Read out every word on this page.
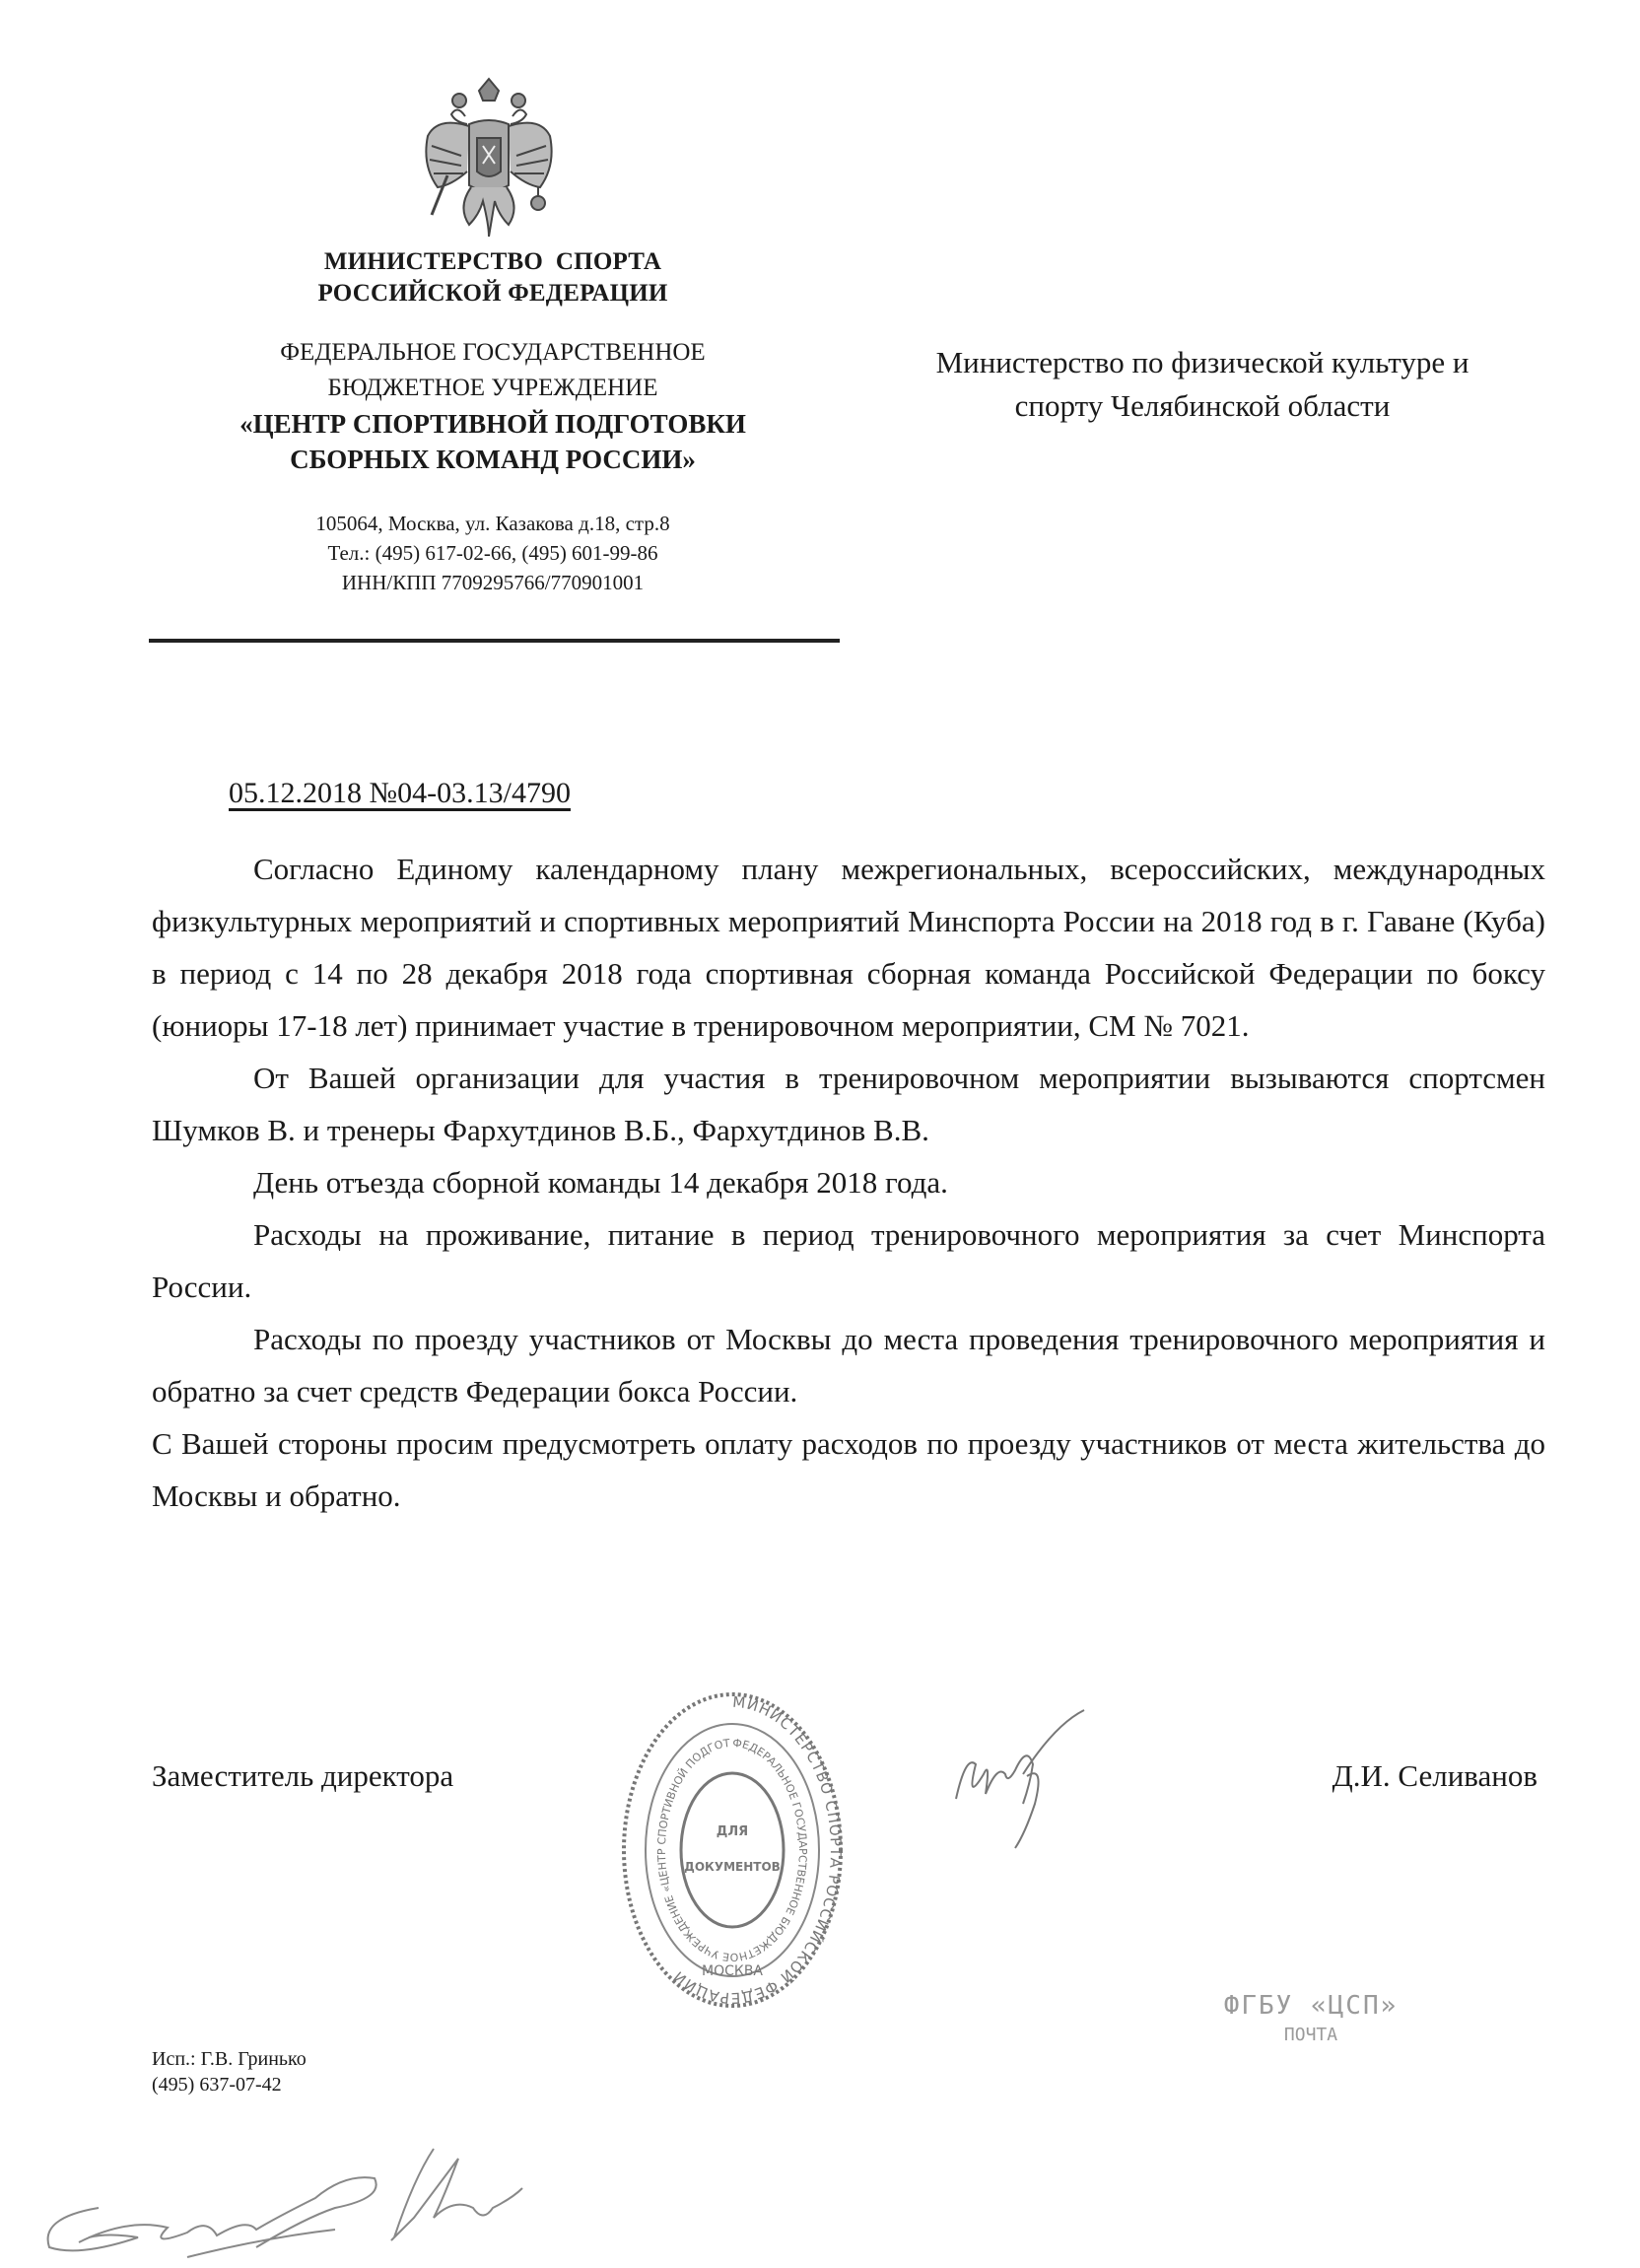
МИНИСТЕРСТВО  СПОРТА
РОССИЙСКОЙ ФЕДЕРАЦИИ
ФЕДЕРАЛЬНОЕ ГОСУДАРСТВЕННОЕ
БЮДЖЕТНОЕ УЧРЕЖДЕНИЕ
«ЦЕНТР СПОРТИВНОЙ ПОДГОТОВКИ
СБОРНЫХ КОМАНД РОССИИ»
105064, Москва, ул. Казакова д.18, стр.8
Тел.: (495) 617-02-66, (495) 601-99-86
ИНН/КПП 7709295766/770901001
Министерство по физической культуре и
спорту Челябинской области
05.12.2018 №04-03.13/4790
Согласно Единому календарному плану межрегиональных, всероссийских, международных физкультурных мероприятий и спортивных мероприятий Минспорта России на 2018 год в г. Гаване (Куба) в период с 14 по 28 декабря 2018 года спортивная сборная команда Российской Федерации по боксу (юниоры 17-18 лет) принимает участие в тренировочном мероприятии, СМ № 7021.
От Вашей организации для участия в тренировочном мероприятии вызываются спортсмен Шумков В. и тренеры Фархутдинов В.Б., Фархутдинов В.В.
День отъезда сборной команды 14 декабря 2018 года.
Расходы на проживание, питание в период тренировочного мероприятия за счет Минспорта России.
Расходы по проезду участников от Москвы до места проведения тренировочного мероприятия и обратно за счет средств Федерации бокса России.
С Вашей стороны просим предусмотреть оплату расходов по проезду участников от места жительства до Москвы и обратно.
Заместитель директора	Д.И. Селиванов
МИНИСТЕРСТВО СПОРТА РОССИЙСКОЙ ФЕДЕРАЦИИ
ФЕДЕРАЛЬНОЕ ГОСУДАРСТВЕННОЕ БЮДЖЕТНОЕ УЧРЕЖДЕНИЕ «ЦЕНТР СПОРТИВНОЙ ПОДГОТ
ДЛЯ
ДОКУМЕНТОВ
МОСКВА
ФГБУ «ЦСП»
ПОЧТА
Исп.: Г.В. Гринько
(495) 637-07-42
